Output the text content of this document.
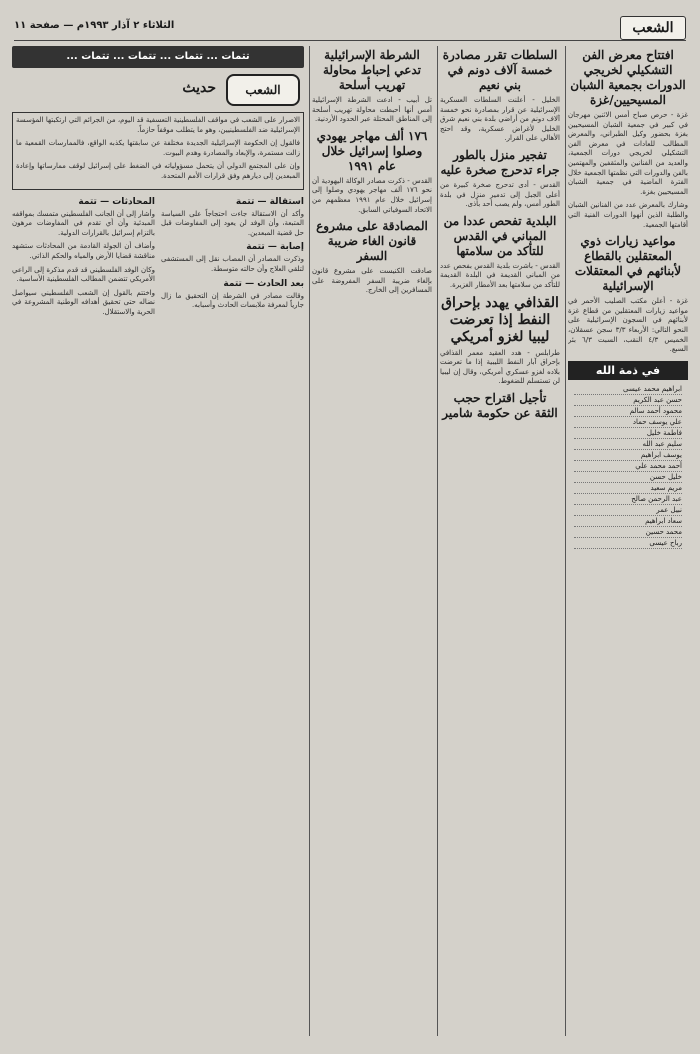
الشعب
الثلاثاء ٢ آذار ١٩٩٣م — صفحة ١١
افتتاح معرض الفن التشكيلي لخريجي الدورات بجمعية الشبان المسيحيين/غزة

غزة - حرص صباح أمس الاثنين مهرجان في كبير في جمعية الشبان المسيحيين بغزة بحضور وكيل الطبراني، والمعرض المطالب للعادات في معرض الفن التشكيلي لخريجي دورات الجمعية، والعديد من الفنانين والمثقفين والمهتمين بالفن والدورات التي نظمتها الجمعية خلال الفترة الماضية في جمعية الشبان المسيحيين بغزة.

وشارك بالمعرض عدد من الفنانين الشبان والطلبة الذين أنهوا الدورات الفنية التي أقامتها الجمعية.

مواعيد زيارات ذوي المعتقلين بالقطاع لأبنائهم في المعتقلات الإسرائيلية

غزة - أعلن مكتب الصليب الأحمر في مواعيد زيارات المعتقلين من قطاع غزة لأبنائهم في السجون الإسرائيلية على النحو التالي: الأربعاء ٣/٣ سجن عسقلان، الخميس ٤/٣ النقب، السبت ٦/٣ بئر السبع.

في ذمة الله
ابراهيم محمد عيسى
حسن عبد الكريم
محمود أحمد سالم
علي يوسف حماد
فاطمة خليل
سليم عبد الله
يوسف ابراهيم
أحمد محمد علي
خليل حسن
مريم سعيد
عبد الرحمن صالح
نبيل عمر
سعاد ابراهيم
محمد حسين
رباح عيسى
السلطات تقرر مصادرة خمسة آلاف دونم في بني نعيم

الخليل - أعلنت السلطات العسكرية الإسرائيلية عن قرار بمصادرة نحو خمسة آلاف دونم من أراضي بلدة بني نعيم شرق الخليل لأغراض عسكرية، وقد احتج الأهالي على القرار.

تفجير منزل بالطور جراء تدحرج صخرة عليه

القدس - أدى تدحرج صخرة كبيرة من أعلى الجبل إلى تدمير منزل في بلدة الطور أمس، ولم يصب أحد بأذى.

البلدية تفحص عددا من المباني في القدس للتأكد من سلامتها

القدس - باشرت بلدية القدس بفحص عدد من المباني القديمة في البلدة القديمة للتأكد من سلامتها بعد الأمطار الغزيرة.

القذافي يهدد بإحراق النفط إذا تعرضت ليبيا لغزو أمريكي

طرابلس - هدد العقيد معمر القذافي بإحراق آبار النفط الليبية إذا ما تعرضت بلاده لغزو عسكري أمريكي، وقال إن ليبيا لن تستسلم للضغوط.

تأجيل اقتراح حجب الثقة عن حكومة شامير
الشرطة الإسرائيلية تدعي إحباط محاولة تهريب أسلحة

تل أبيب - ادعت الشرطة الإسرائيلية أمس أنها أحبطت محاولة تهريب أسلحة إلى المناطق المحتلة عبر الحدود الأردنية.

١٧٦ ألف مهاجر يهودي وصلوا إسرائيل خلال عام ١٩٩١

القدس - ذكرت مصادر الوكالة اليهودية أن نحو ١٧٦ ألف مهاجر يهودي وصلوا إلى إسرائيل خلال عام ١٩٩١ معظمهم من الاتحاد السوفياتي السابق.

المصادقة على مشروع قانون الغاء ضريبة السفر

صادقت الكنيست على مشروع قانون بإلغاء ضريبة السفر المفروضة على المسافرين إلى الخارج.

تتمات ... تتمات ... تتمات ... تتمات ...
الشعب
حديث

الاصرار على الشعب في مواقف الفلسطينية التعسفية قد اليوم، من الجرائم التي ارتكبتها المؤسسة الإسرائيلية ضد الفلسطينيين، وهو ما يتطلب موقفاً حازماً.

فالقول إن الحكومة الإسرائيلية الجديدة مختلفة عن سابقتها يكذبه الواقع، فالممارسات القمعية ما زالت مستمرة، والإبعاد والمصادرة وهدم البيوت.

وإن على المجتمع الدولي أن يتحمل مسؤولياته في الضغط على إسرائيل لوقف ممارساتها وإعادة المبعدين إلى ديارهم وفق قرارات الأمم المتحدة.

استقالة — تتمة

وأكد أن الاستقالة جاءت احتجاجاً على السياسة المتبعة، وأن الوفد لن يعود إلى المفاوضات قبل حل قضية المبعدين.

إصابة — تتمة

وذكرت المصادر أن المصاب نقل إلى المستشفى لتلقي العلاج وأن حالته متوسطة.

بعد الحادث — تتمة

وقالت مصادر في الشرطة إن التحقيق ما زال جارياً لمعرفة ملابسات الحادث وأسبابه.

المحادثات — تتمة

وأشار إلى أن الجانب الفلسطيني متمسك بمواقفه المبدئية وأن أي تقدم في المفاوضات مرهون بالتزام إسرائيل بالقرارات الدولية.

وأضاف أن الجولة القادمة من المحادثات ستشهد مناقشة قضايا الأرض والمياه والحكم الذاتي.

وكان الوفد الفلسطيني قد قدم مذكرة إلى الراعي الأمريكي تتضمن المطالب الفلسطينية الأساسية.

واختتم بالقول إن الشعب الفلسطيني سيواصل نضاله حتى تحقيق أهدافه الوطنية المشروعة في الحرية والاستقلال.
